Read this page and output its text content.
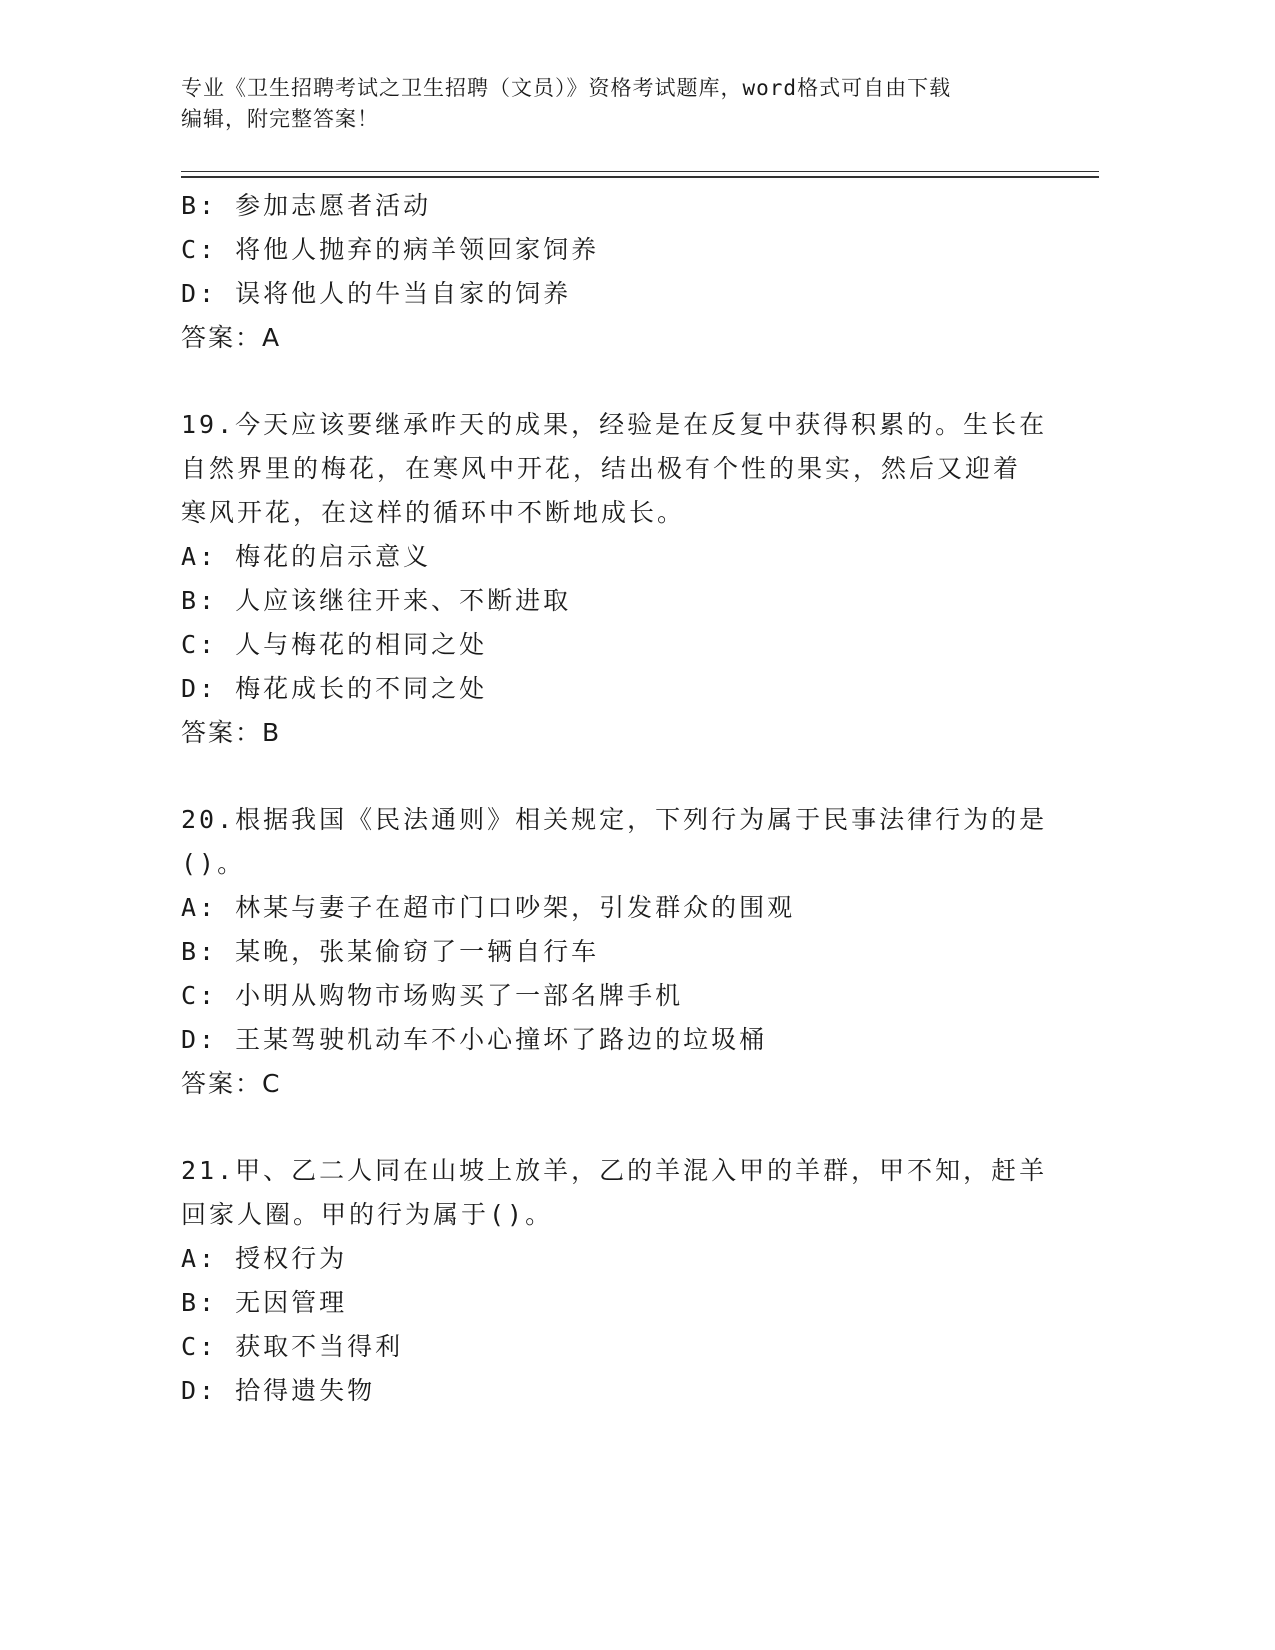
专业《卫生招聘考试之卫生招聘（文员）》资格考试题库，word格式可自由下载
编辑，附完整答案！
B: 参加志愿者活动
C: 将他人抛弃的病羊领回家饲养
D: 误将他人的牛当自家的饲养
答案：A
19.今天应该要继承昨天的成果，经验是在反复中获得积累的。生长在
自然界里的梅花，在寒风中开花，结出极有个性的果实，然后又迎着
寒风开花，在这样的循环中不断地成长。
A: 梅花的启示意义
B: 人应该继往开来、不断进取
C: 人与梅花的相同之处
D: 梅花成长的不同之处
答案：B
20.根据我国《民法通则》相关规定，下列行为属于民事法律行为的是
()。
A: 林某与妻子在超市门口吵架，引发群众的围观
B: 某晚，张某偷窃了一辆自行车
C: 小明从购物市场购买了一部名牌手机
D: 王某驾驶机动车不小心撞坏了路边的垃圾桶
答案：C
21.甲、乙二人同在山坡上放羊，乙的羊混入甲的羊群，甲不知，赶羊
回家人圈。甲的行为属于()。
A: 授权行为
B: 无因管理
C: 获取不当得利
D: 拾得遗失物
